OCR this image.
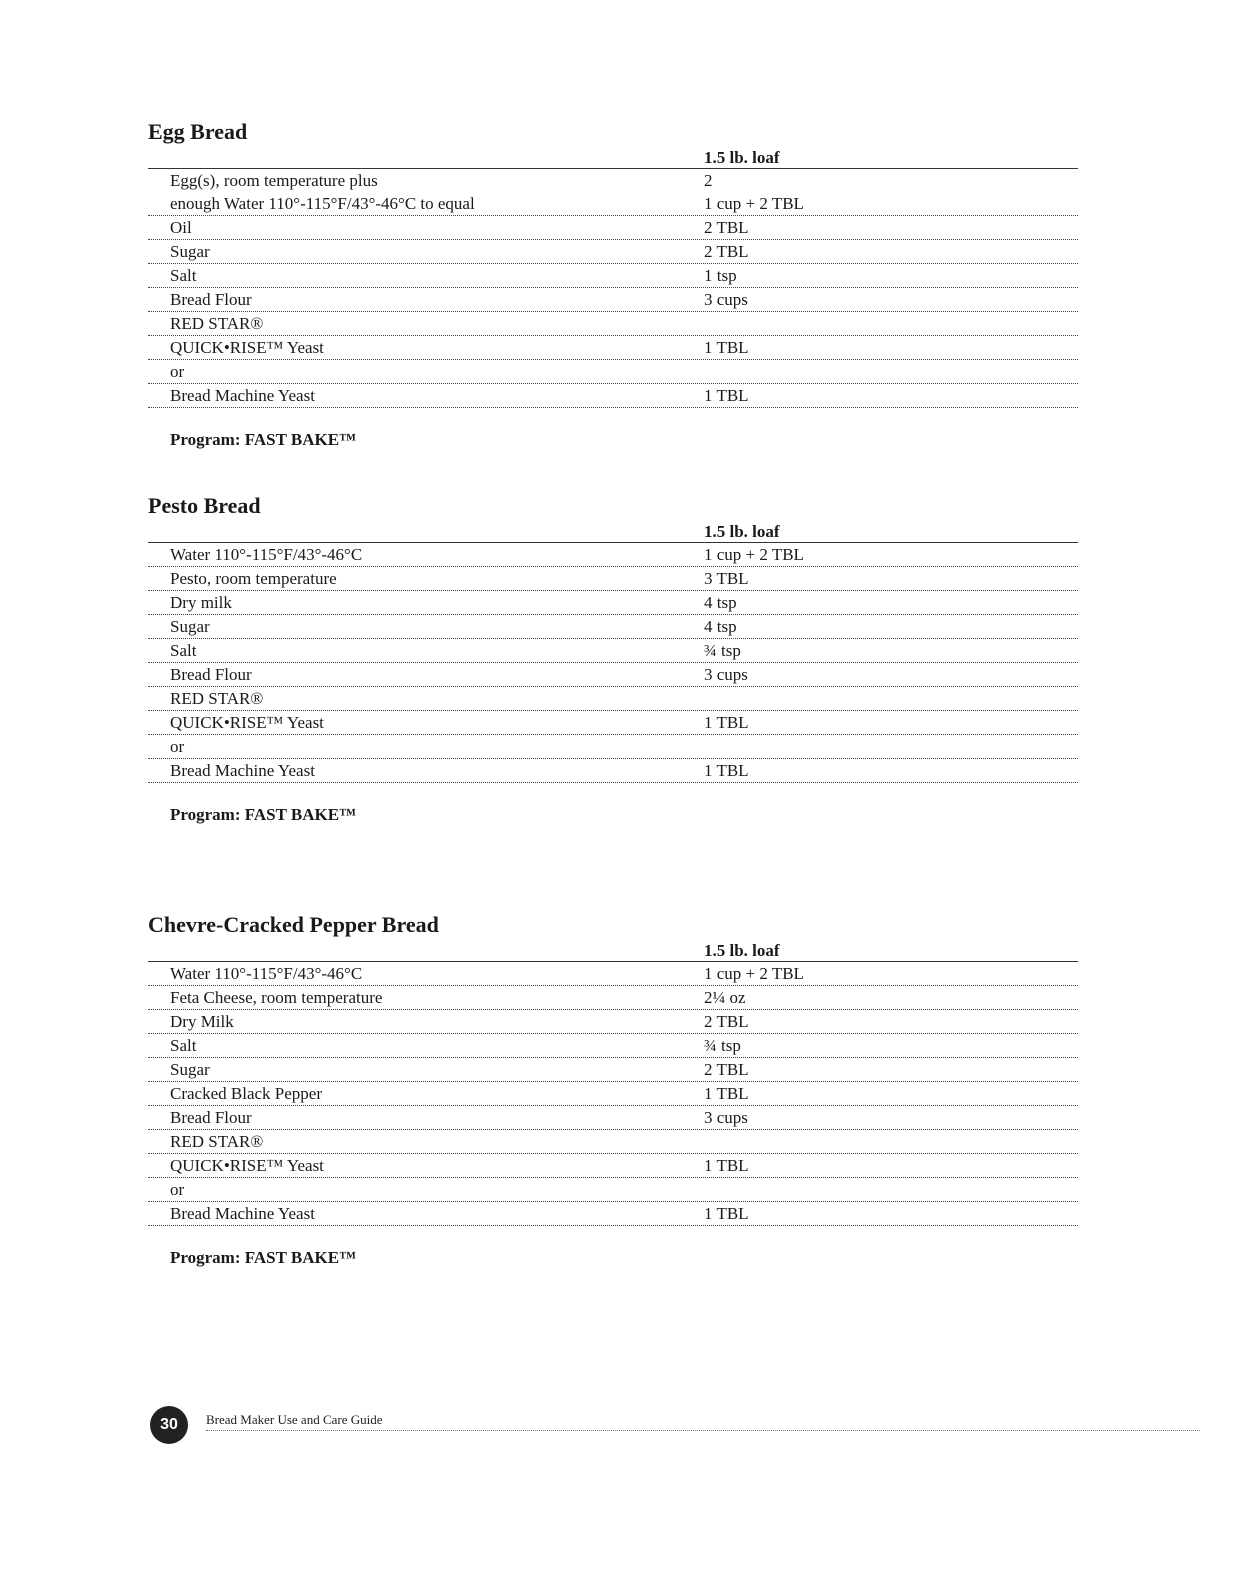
Egg Bread
1.5 lb. loaf
Egg(s), room temperature plus	2
enough Water 110°-115°F/43°-46°C to equal	1 cup + 2 TBL
Oil	2 TBL
Sugar	2 TBL
Salt	1 tsp
Bread Flour	3 cups
RED STAR®
QUICK•RISE™ Yeast	1 TBL
or
Bread Machine Yeast	1 TBL
Program: FAST BAKE™
Pesto Bread
1.5 lb. loaf
Water 110°-115°F/43°-46°C	1 cup + 2 TBL
Pesto, room temperature	3 TBL
Dry milk	4 tsp
Sugar	4 tsp
Salt	¾ tsp
Bread Flour	3 cups
RED STAR®
QUICK•RISE™ Yeast	1 TBL
or
Bread Machine Yeast	1 TBL
Program: FAST BAKE™
Chevre-Cracked Pepper Bread
1.5 lb. loaf
Water 110°-115°F/43°-46°C	1 cup + 2 TBL
Feta Cheese, room temperature	2¼ oz
Dry Milk	2 TBL
Salt	¾ tsp
Sugar	2 TBL
Cracked Black Pepper	1 TBL
Bread Flour	3 cups
RED STAR®
QUICK•RISE™ Yeast	1 TBL
or
Bread Machine Yeast	1 TBL
Program: FAST BAKE™
30	Bread Maker Use and Care Guide
